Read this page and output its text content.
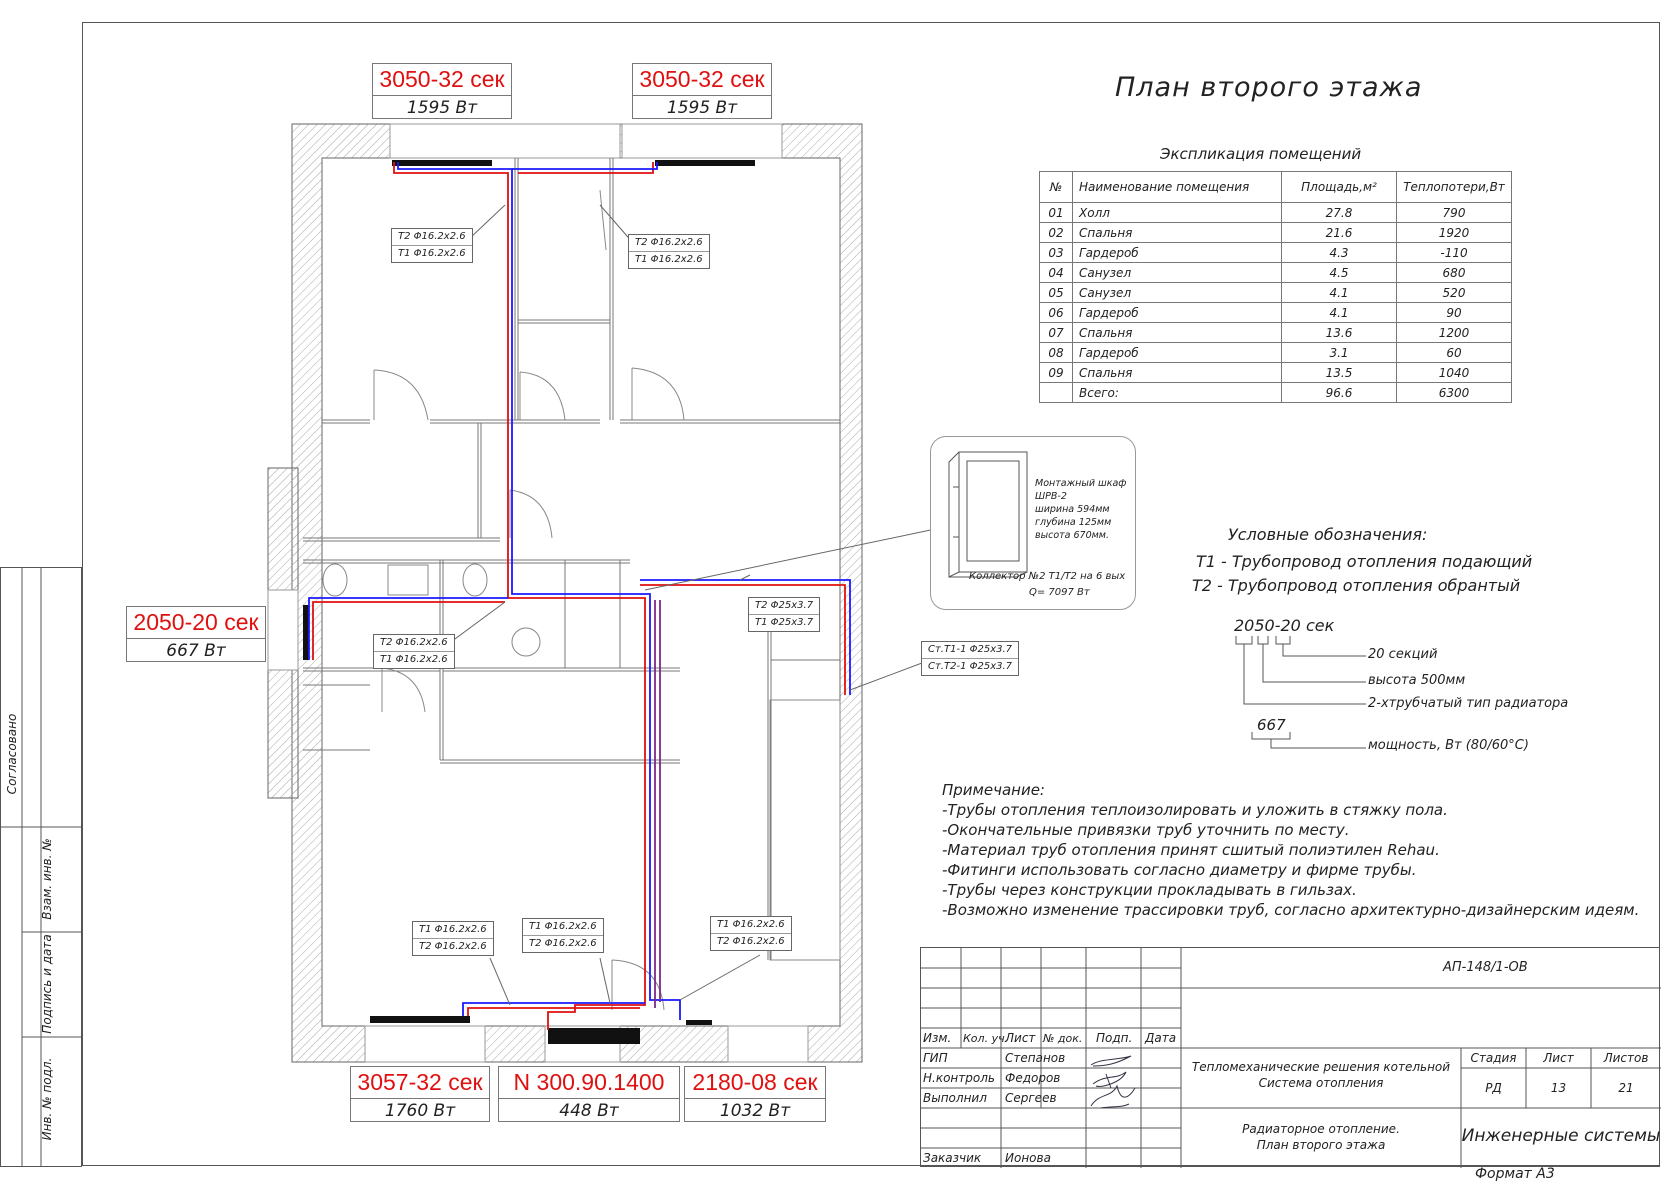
Согласовано
Взам. инв. №
Подпись и дата
Инв. № подл.
3050-32 сек
1595 Вт
3050-32 сек
1595 Вт
2050-20 сек
667 Вт
3057-32 сек
1760 Вт
N 300.90.1400
448 Вт
2180-08 сек
1032 Вт
Т2 Φ16.2х2.6
Т1 Φ16.2х2.6
Т2 Φ16.2х2.6
Т1 Φ16.2х2.6
Т2 Φ16.2х2.6
Т1 Φ16.2х2.6
Т2 Φ25х3.7
Т1 Φ25х3.7
Ст.Т1-1 Φ25х3.7
Ст.Т2-1 Φ25х3.7
Т1 Φ16.2х2.6
Т2 Φ16.2х2.6
Т1 Φ16.2х2.6
Т2 Φ16.2х2.6
Т1 Φ16.2х2.6
Т2 Φ16.2х2.6
Монтажный шкаф
ШРВ-2
ширина 594мм
глубина 125мм
высота 670мм.
Коллектор №2 Т1/Т2 на 6 вых
Q= 7097 Вт
План второго этажа
Экспликация помещений
№	Наименование помещения	Площадь,м²	Теплопотери,Вт
01	Холл	27.8	790
02	Спальня	21.6	1920
03	Гардероб	4.3	-110
04	Санузел	4.5	680
05	Санузел	4.1	520
06	Гардероб	4.1	90
07	Спальня	13.6	1200
08	Гардероб	3.1	60
09	Спальня	13.5	1040
	Всего:	96.6	6300
Условные обозначения:
Т1 - Трубопровод отопления подающий
Т2 - Трубопровод отопления обрантый
2050-20 сек
20 секций
высота 500мм
2-хтрубчатый тип радиатора
667
мощность, Вт (80/60°С)
Примечание:
-Трубы отопления теплоизолировать и уложить в стяжку пола.
-Окончательные привязки труб уточнить по месту.
-Материал труб отопления принят сшитый полиэтилен Rehau.
-Фитинги использовать согласно диаметру и фирме трубы.
-Трубы через конструкции прокладывать в гильзах.
-Возможно изменение трассировки труб, согласно архитектурно-дизайнерским идеям.
АП-148/1-ОВ
Изм. Кол. уч.
Лист № док. Подп. Дата
ГИП	Степанов
Н.контроль Федоров
Выполнил Сергеев
Заказчик Ионова
Тепломеханические решения котельной
Система отопления
Радиаторное отопление.
План второго этажа
Стадия	Лист	Листов
РД	13	21
Инженерные системы
Формат А3
